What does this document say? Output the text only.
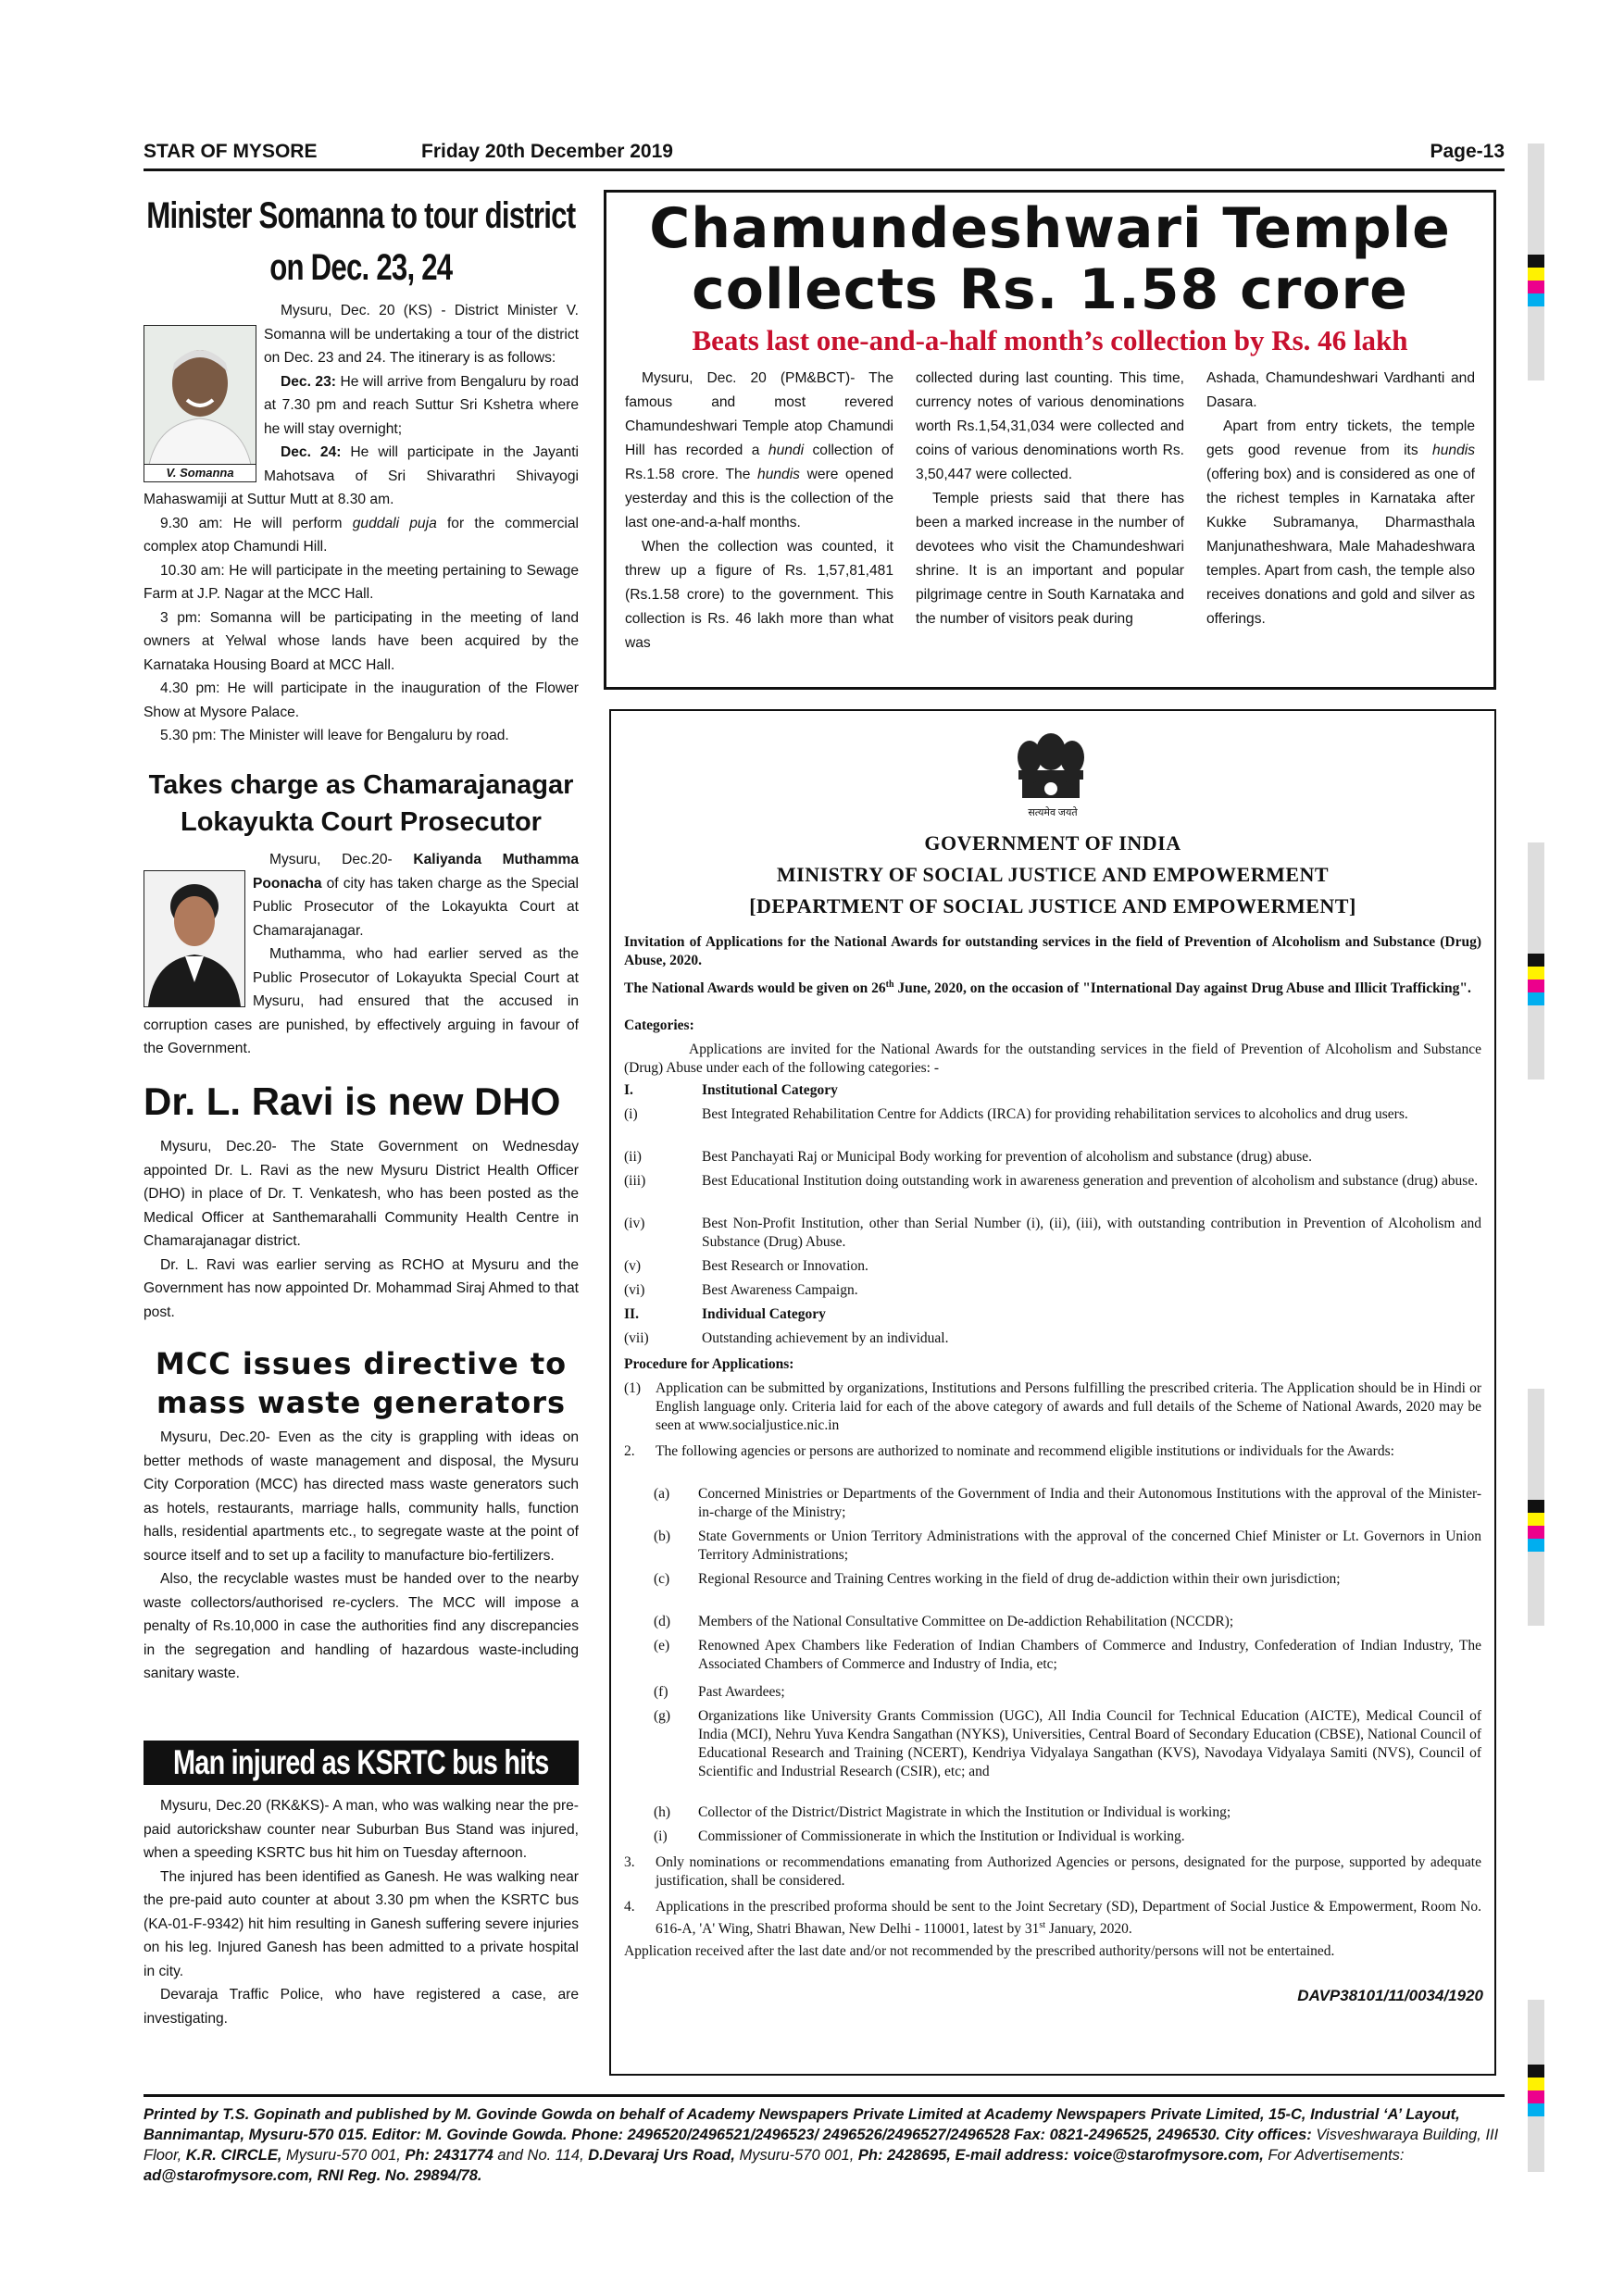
STAR OF MYSORE	Friday 20th December 2019	Page-13
Minister Somanna to tour district on Dec. 23, 24
V. Somanna

Mysuru, Dec. 20 (KS) - District Minister V. Somanna will be undertaking a tour of the district on Dec. 23 and 24. The itinerary is as follows:

Dec. 23: He will arrive from Bengaluru by road at 7.30 pm and reach Suttur Sri Kshetra where he will stay overnight;

Dec. 24: He will participate in the Jayanti Mahotsava of Sri Shivarathri Shivayogi Mahaswamiji at Suttur Mutt at 8.30 am.

9.30 am: He will perform guddali puja for the commercial complex atop Chamundi Hill.

10.30 am: He will participate in the meeting pertaining to Sewage Farm at J.P. Nagar at the MCC Hall.

3 pm: Somanna will be participating in the meeting of land owners at Yelwal whose lands have been acquired by the Karnataka Housing Board at MCC Hall.

4.30 pm: He will participate in the inauguration of the Flower Show at Mysore Palace.

5.30 pm: The Minister will leave for Bengaluru by road.

Takes charge as Chamarajanagar Lokayukta Court Prosecutor

Mysuru, Dec.20- Kaliyanda Muthamma Poonacha of city has taken charge as the Special Public Prosecutor of the Lokayukta Court at Chamarajanagar.

Muthamma, who had earlier served as the Public Prosecutor of Lokayukta Special Court at Mysuru, had ensured that the accused in corruption cases are punished, by effectively arguing in favour of the Government.

Dr. L. Ravi is new DHO

Mysuru, Dec.20- The State Government on Wednesday appointed Dr. L. Ravi as the new Mysuru District Health Officer (DHO) in place of Dr. T. Venkatesh, who has been posted as the Medical Officer at Santhemarahalli Community Health Centre in Chamarajanagar district.

Dr. L. Ravi was earlier serving as RCHO at Mysuru and the Government has now appointed Dr. Mohammad Siraj Ahmed to that post.

MCC issues directive to mass waste generators

Mysuru, Dec.20- Even as the city is grappling with ideas on better methods of waste management and disposal, the Mysuru City Corporation (MCC) has directed mass waste generators such as hotels, restaurants, marriage halls, community halls, function halls, residential apartments etc., to segregate waste at the point of source itself and to set up a facility to manufacture bio-fertilizers.

Also, the recyclable wastes must be handed over to the nearby waste collectors/authorised re-cyclers. The MCC will impose a penalty of Rs.10,000 in case the authorities find any discrepancies in the segregation and handling of hazardous waste-including sanitary waste.

Man injured as KSRTC bus hits

Mysuru, Dec.20 (RK&KS)- A man, who was walking near the pre-paid autorickshaw counter near Suburban Bus Stand was injured, when a speeding KSRTC bus hit him on Tuesday afternoon.

The injured has been identified as Ganesh. He was walking near the pre-paid auto counter at about 3.30 pm when the KSRTC bus (KA-01-F-9342) hit him resulting in Ganesh suffering severe injuries on his leg. Injured Ganesh has been admitted to a private hospital in city.

Devaraja Traffic Police, who have registered a case, are investigating.

Chamundeshwari Temple
collects Rs. 1.58 crore
Beats last one-and-a-half month’s collection by Rs. 46 lakh

Mysuru, Dec. 20 (PM&BCT)- The famous and most revered Chamundeshwari Temple atop Chamundi Hill has recorded a hundi collection of Rs.1.58 crore. The hundis were opened yesterday and this is the collection of the last one-and-a-half months.

When the collection was counted, it threw up a figure of Rs. 1,57,81,481 (Rs.1.58 crore) to the government. This collection is Rs. 46 lakh more than what was

collected during last counting. This time, currency notes of various denominations worth Rs.1,54,31,034 were collected and coins of various denominations worth Rs. 3,50,447 were collected.

Temple priests said that there has been a marked increase in the number of devotees who visit the Chamundeshwari shrine. It is an important and popular pilgrimage centre in South Karnataka and the number of visitors peak during

Ashada, Chamundeshwari Vardhanti and Dasara.

Apart from entry tickets, the temple gets good revenue from its hundis (offering box) and is considered as one of the richest temples in Karnataka after Kukke Subramanya, Dharmasthala Manjunatheshwara, Male Mahadeshwara temples. Apart from cash, the temple also receives donations and gold and silver as offerings.

सत्यमेव जयते
GOVERNMENT OF INDIA
MINISTRY OF SOCIAL JUSTICE AND EMPOWERMENT
[DEPARTMENT OF SOCIAL JUSTICE AND EMPOWERMENT]
Invitation of Applications for the National Awards for outstanding services in the field of Prevention of Alcoholism and Substance (Drug) Abuse, 2020.
The National Awards would be given on 26th June, 2020, on the occasion of "International Day against Drug Abuse and Illicit Trafficking".
Categories:
Applications are invited for the National Awards for the outstanding services in the field of Prevention of Alcoholism and Substance (Drug) Abuse under each of the following categories: -
I.	Institutional Category
(i)	Best Integrated Rehabilitation Centre for Addicts (IRCA) for providing rehabilitation services to alcoholics and drug users.
(ii)	Best Panchayati Raj or Municipal Body working for prevention of alcoholism and substance (drug) abuse.
(iii)	Best Educational Institution doing outstanding work in awareness generation and prevention of alcoholism and substance (drug) abuse.
(iv)	Best Non-Profit Institution, other than Serial Number (i), (ii), (iii), with outstanding contribution in Prevention of Alcoholism and Substance (Drug) Abuse.
(v)	Best Research or Innovation.
(vi)	Best Awareness Campaign.
II.	Individual Category
(vii)	Outstanding achievement by an individual.
Procedure for Applications:
(1) Application can be submitted by organizations, Institutions and Persons fulfilling the prescribed criteria. The Application should be in Hindi or English language only. Criteria laid for each of the above category of awards and full details of the Scheme of National Awards, 2020 may be seen at www.socialjustice.nic.in
2. The following agencies or persons are authorized to nominate and recommend eligible institutions or individuals for the Awards:
(a) Concerned Ministries or Departments of the Government of India and their Autonomous Institutions with the approval of the Minister-in-charge of the Ministry;
(b) State Governments or Union Territory Administrations with the approval of the concerned Chief Minister or Lt. Governors in Union Territory Administrations;
(c) Regional Resource and Training Centres working in the field of drug de-addiction within their own jurisdiction;
(d) Members of the National Consultative Committee on De-addiction Rehabilitation (NCCDR);
(e) Renowned Apex Chambers like Federation of Indian Chambers of Commerce and Industry, Confederation of Indian Industry, The Associated Chambers of Commerce and Industry of India, etc;
(f) Past Awardees;
(g) Organizations like University Grants Commission (UGC), All India Council for Technical Education (AICTE), Medical Council of India (MCI), Nehru Yuva Kendra Sangathan (NYKS), Universities, Central Board of Secondary Education (CBSE), National Council of Educational Research and Training (NCERT), Kendriya Vidyalaya Sangathan (KVS), Navodaya Vidyalaya Samiti (NVS), Council of Scientific and Industrial Research (CSIR), etc; and
(h) Collector of the District/District Magistrate in which the Institution or Individual is working;
(i) Commissioner of Commissionerate in which the Institution or Individual is working.
3. Only nominations or recommendations emanating from Authorized Agencies or persons, designated for the purpose, supported by adequate justification, shall be considered.
4. Applications in the prescribed proforma should be sent to the Joint Secretary (SD), Department of Social Justice & Empowerment, Room No. 616-A, 'A' Wing, Shatri Bhawan, New Delhi - 110001, latest by 31st January, 2020.
Application received after the last date and/or not recommended by the prescribed authority/persons will not be entertained.
DAVP38101/11/0034/1920
Printed by T.S. Gopinath and published by M. Govinde Gowda on behalf of Academy Newspapers Private Limited at Academy Newspapers Private Limited, 15-C, Industrial ‘A’ Layout, Bannimantap, Mysuru-570 015. Editor: M. Govinde Gowda. Phone: 2496520/2496521/2496523/ 2496526/2496527/2496528 Fax: 0821-2496525, 2496530. City offices: Visveshwaraya Building, III Floor, K.R. CIRCLE, Mysuru-570 001, Ph: 2431774 and No. 114, D.Devaraj Urs Road, Mysuru-570 001, Ph: 2428695, E-mail address: voice@starofmysore.com, For Advertisements: ad@starofmysore.com, RNI Reg. No. 29894/78.
